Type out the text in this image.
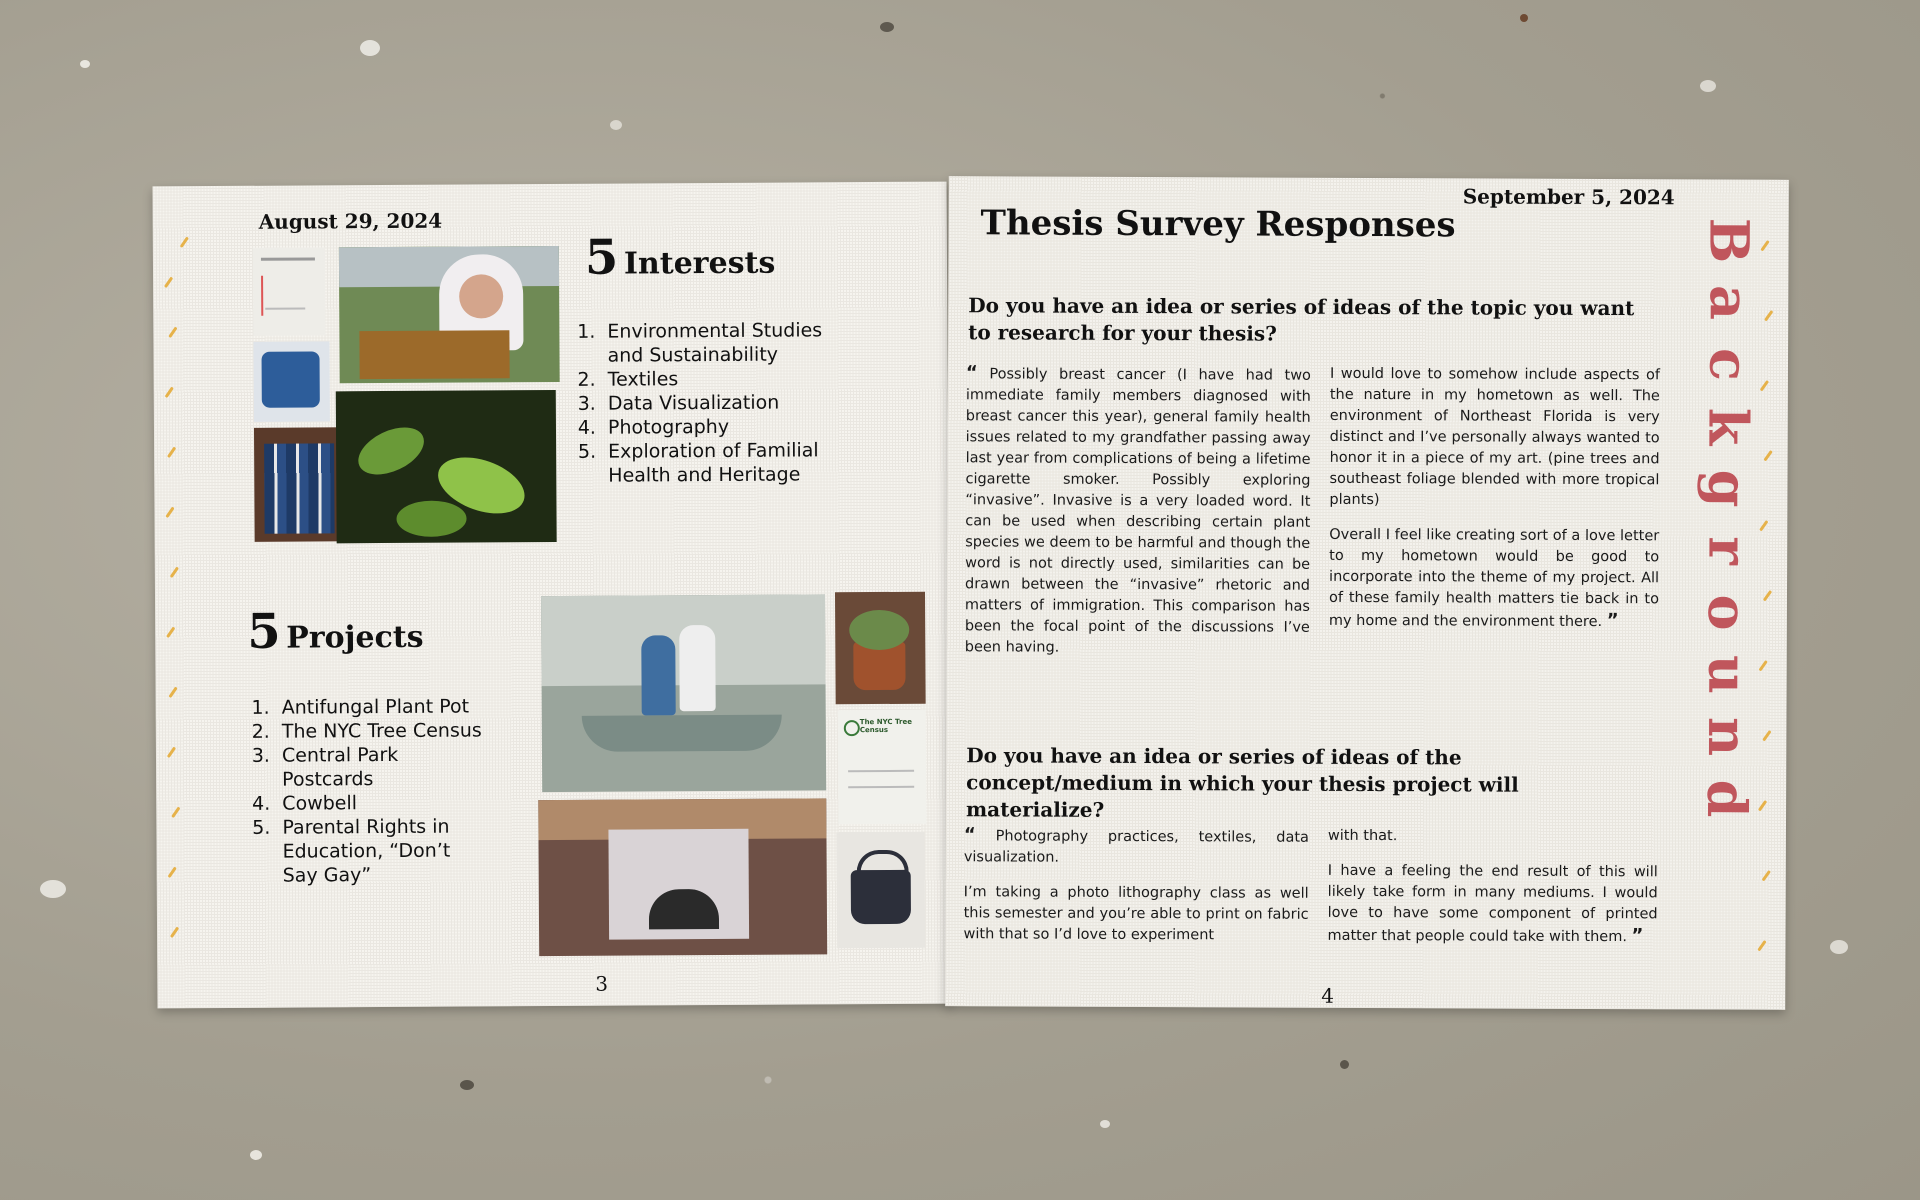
August 29, 2024
5 Interests
1. Environmental Studies and Sustainability
2. Textiles
3. Data Visualization
4. Photography
5. Exploration of Familial Health and Heritage
5 Projects
1. Antifungal Plant Pot
2. The NYC Tree Census
3. Central Park Postcards
4. Cowbell
5. Parental Rights in Education, “Don’t Say Gay”
The NYC Tree Census
3
September 5, 2024
Thesis Survey Responses	B
a
c
k
g
r
o
u
n
d
Do you have an idea or series of ideas of the topic you want to research for your thesis?
“ Possibly breast cancer (I have had two immediate family members diagnosed with breast cancer this year), general family health issues related to my grandfather passing away last year from complications of being a lifetime cigarette smoker. Possibly exploring “invasive”. Invasive is a very loaded word. It can be used when describing certain plant species we deem to be harmful and though the word is not directly used, similarities can be drawn between the “invasive” rhetoric and matters of immigration. This comparison has been the focal point of the discussions I’ve been having.

I would love to somehow include aspects of the nature in my hometown as well. The environment of Northeast Florida is very distinct and I’ve personally always wanted to honor it in a piece of my art. (pine trees and southeast foliage blended with more tropical plants)

Overall I feel like creating sort of a love letter to my hometown would be good to incorporate into the theme of my project. All of these family health matters tie back in to my home and the environment there. ”

Do you have an idea or series of ideas of the concept/medium in which your thesis project will materialize?

“ Photography practices, textiles, data visualization.

I’m taking a photo lithography class as well this semester and you’re able to print on fabric with that so I’d love to experiment

with that.

I have a feeling the end result of this will likely take form in many mediums. I would love to have some component of printed matter that people could take with them. ”

4
